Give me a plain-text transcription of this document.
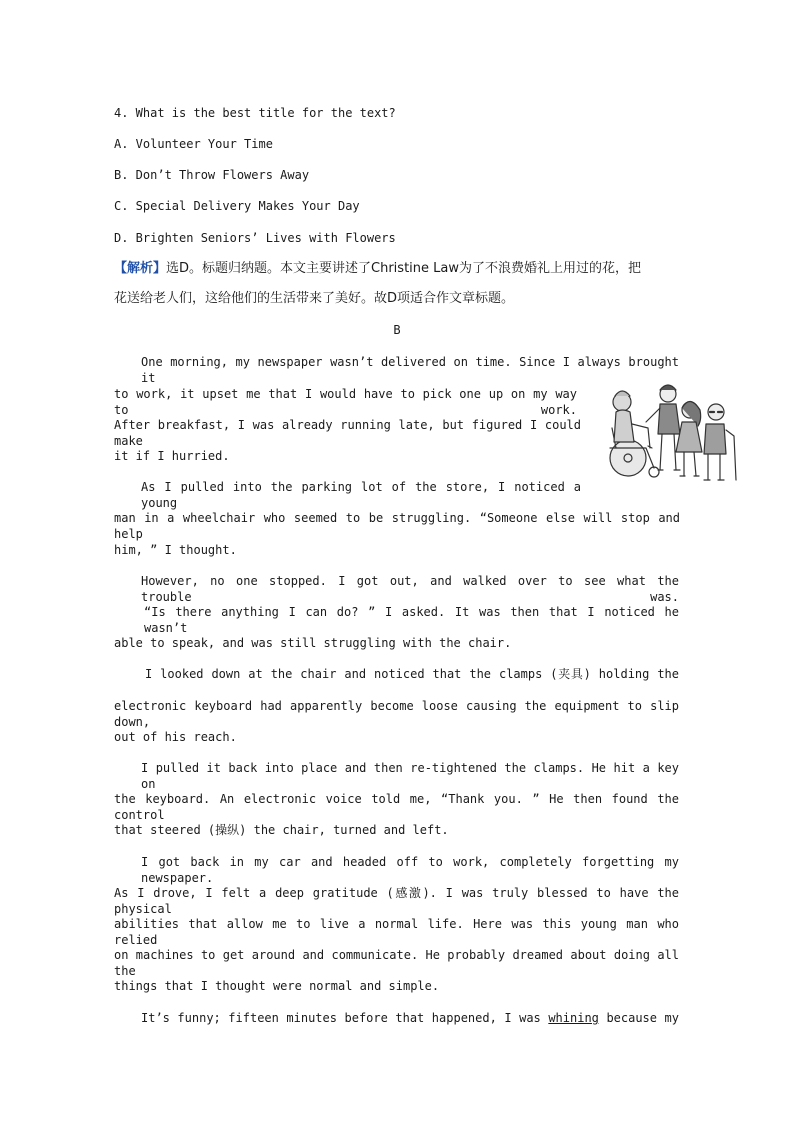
4. What is the best title for the text?
A. Volunteer Your Time
B. Don’t Throw Flowers Away
C. Special Delivery Makes Your Day
D. Brighten Seniors’ Lives with Flowers
【解析】选D。标题归纳题。本文主要讲述了Christine Law为了不浪费婚礼上用过的花，把
花送给老人们，这给他们的生活带来了美好。故D项适合作文章标题。
B
One morning, my newspaper wasn’t delivered on time. Since I always brought it
to work, it upset me that I would have to pick one up on my way to work.
After breakfast, I was already running late, but figured I could make
it if I hurried.
As I pulled into the parking lot of the store, I noticed a young
man in a wheelchair who seemed to be struggling. “Someone else will stop and help
him, ” I thought.
However, no one stopped. I got out, and walked over to see what the trouble was.
“Is there anything I can do? ” I asked. It was then that I noticed he wasn’t
able to speak, and was still struggling with the chair.
I looked down at the chair and noticed that the clamps (夹具) holding the
electronic keyboard had apparently become loose causing the equipment to slip down,
out of his reach.
I pulled it back into place and then re-tightened the clamps. He hit a key on
the keyboard. An electronic voice told me, “Thank you. ” He then found the control
that steered (操纵) the chair, turned and left.
I got back in my car and headed off to work, completely forgetting my newspaper.
As I drove, I felt a deep gratitude (感激). I was truly blessed to have the physical
abilities that allow me to live a normal life. Here was this young man who relied
on machines to get around and communicate. He probably dreamed about doing all the
things that I thought were normal and simple.
It’s funny; fifteen minutes before that happened, I was whining because my
